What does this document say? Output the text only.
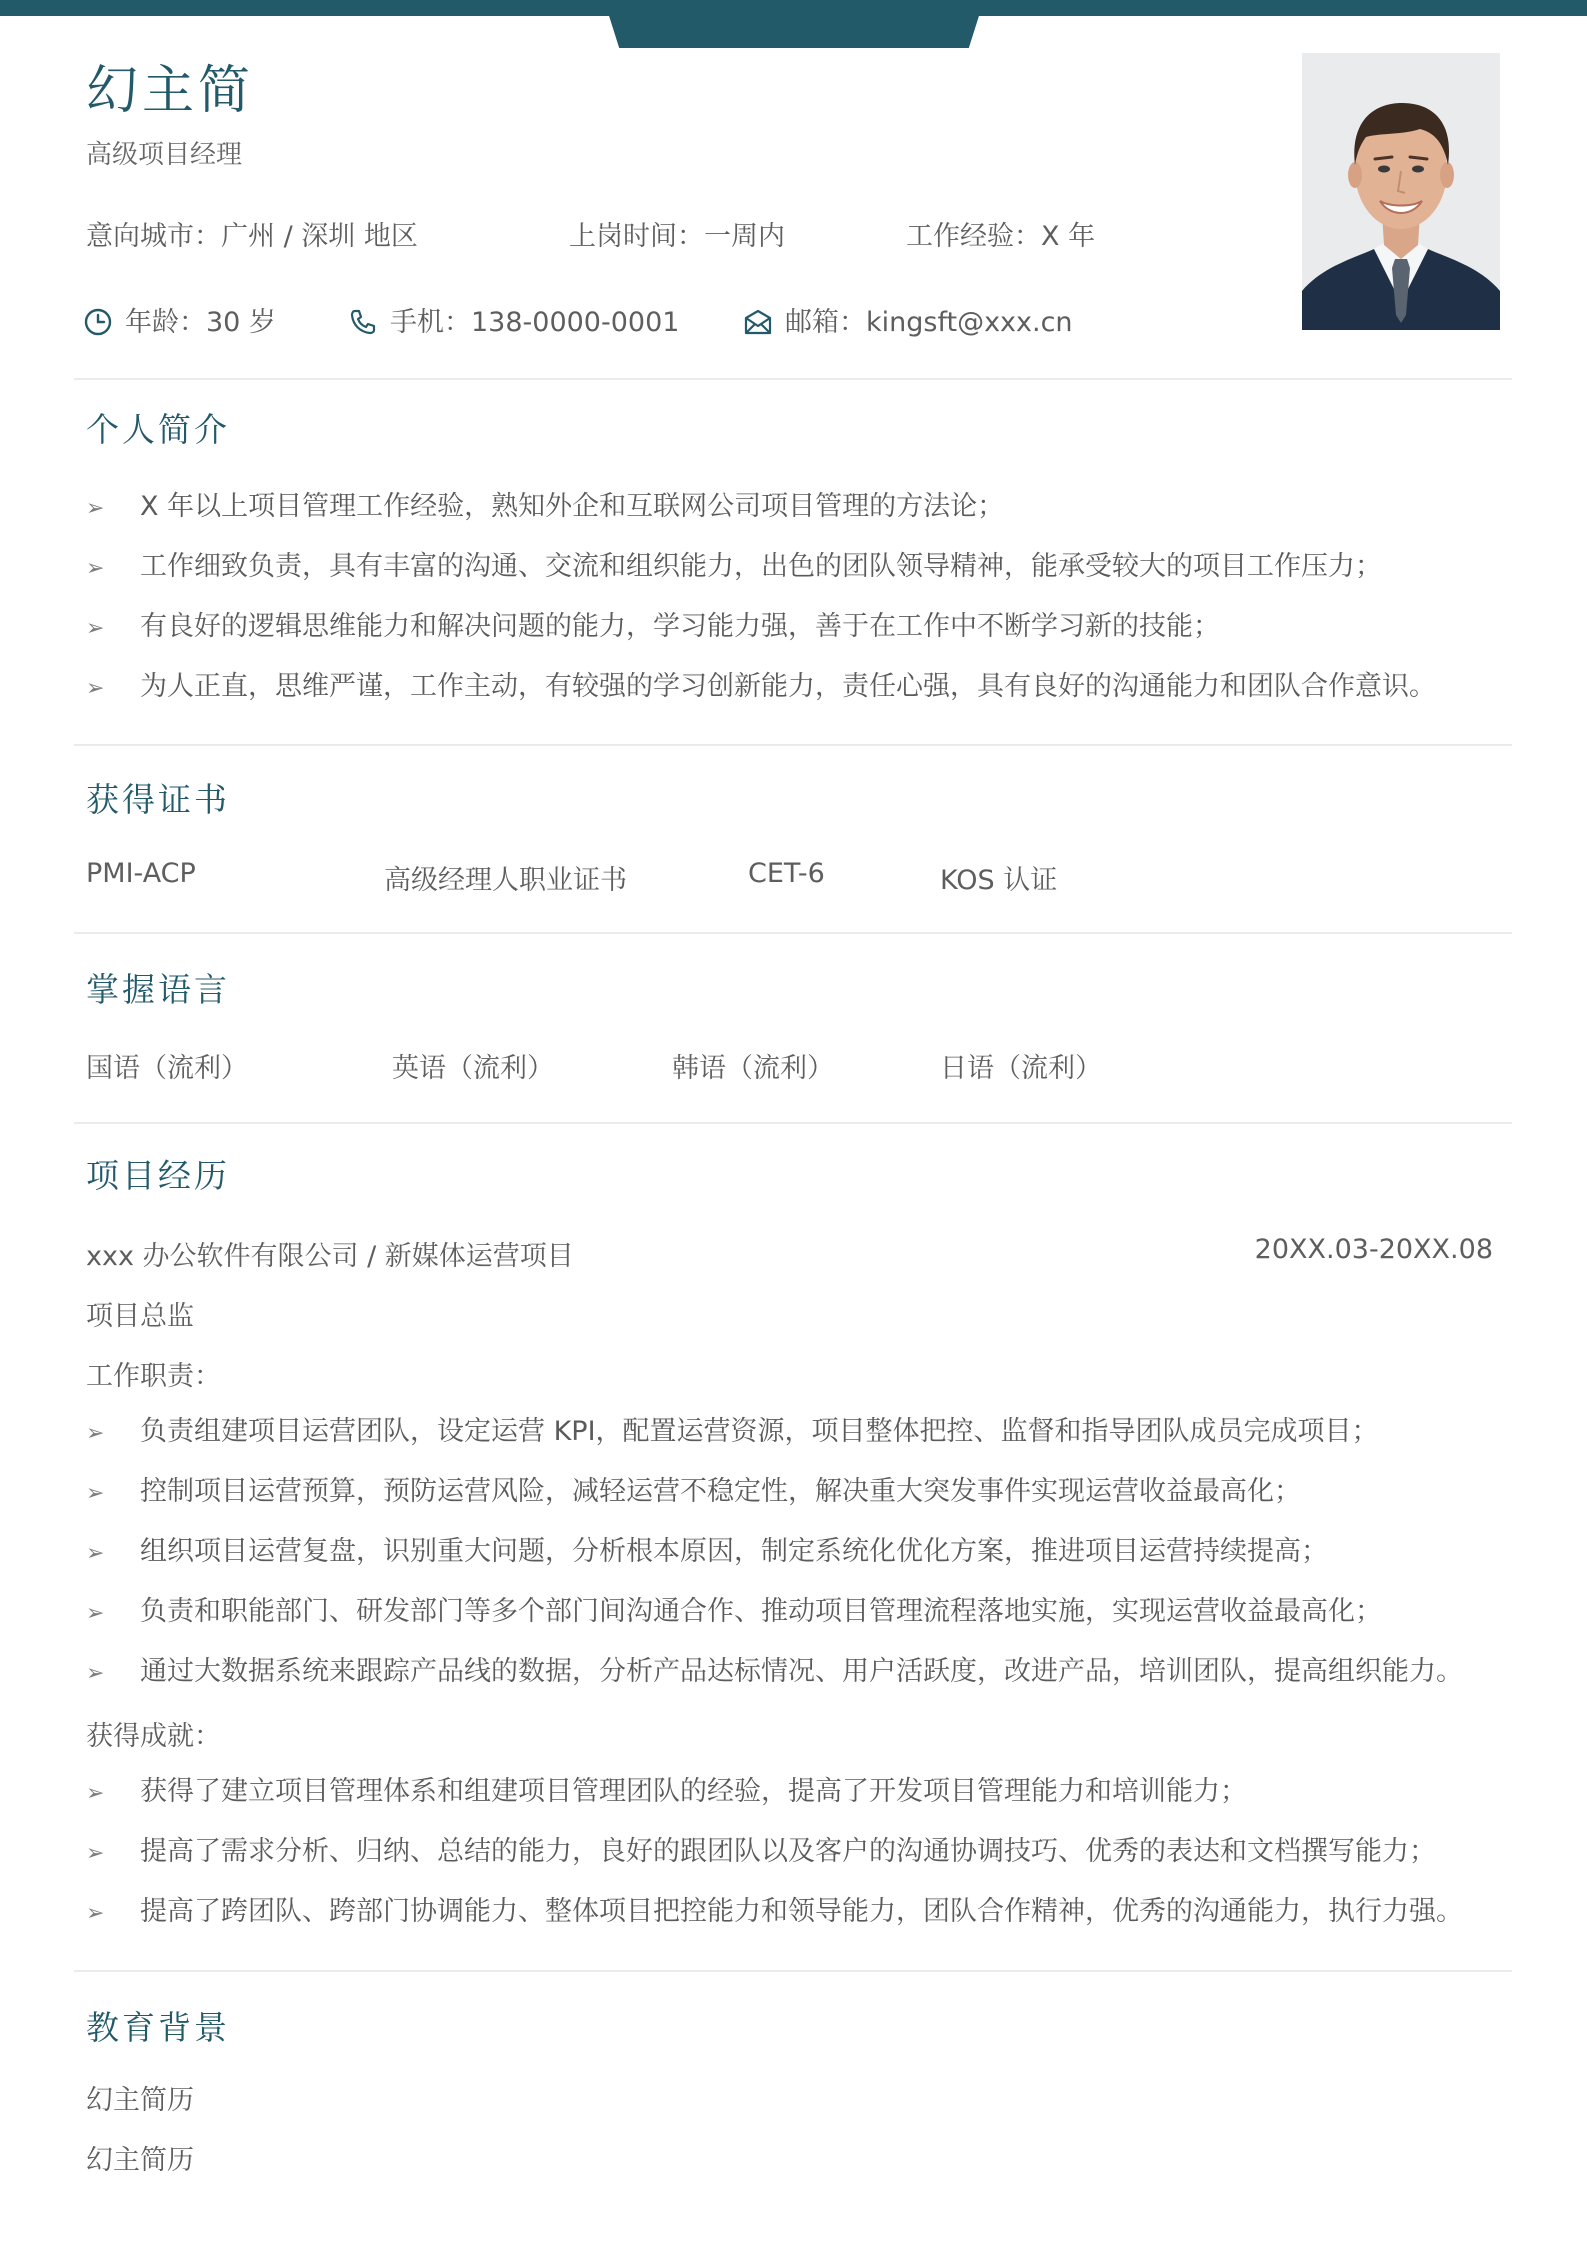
幻主简
高级项目经理
意向城市：广州 / 深圳 地区	上岗时间：一周内	工作经验：X 年
年龄：30 岁	手机：138-0000-0001	邮箱：kingsft@xxx.cn
个人简介
➢ X 年以上项目管理工作经验，熟知外企和互联网公司项目管理的方法论；
➢ 工作细致负责，具有丰富的沟通、交流和组织能力，出色的团队领导精神，能承受较大的项目工作压力；
➢ 有良好的逻辑思维能力和解决问题的能力，学习能力强，善于在工作中不断学习新的技能；
➢ 为人正直，思维严谨，工作主动，有较强的学习创新能力，责任心强，具有良好的沟通能力和团队合作意识。
获得证书
PMI-ACP	高级经理人职业证书	CET-6	KOS 认证
掌握语言
国语（流利）	英语（流利）	韩语（流利）	日语（流利）
项目经历
xxx 办公软件有限公司 / 新媒体运营项目	20XX.03-20XX.08
项目总监
工作职责：
➢ 负责组建项目运营团队，设定运营 KPI，配置运营资源，项目整体把控、监督和指导团队成员完成项目；
➢ 控制项目运营预算，预防运营风险，减轻运营不稳定性，解决重大突发事件实现运营收益最高化；
➢ 组织项目运营复盘，识别重大问题，分析根本原因，制定系统化优化方案，推进项目运营持续提高；
➢ 负责和职能部门、研发部门等多个部门间沟通合作、推动项目管理流程落地实施，实现运营收益最高化；
➢ 通过大数据系统来跟踪产品线的数据，分析产品达标情况、用户活跃度，改进产品，培训团队，提高组织能力。
获得成就：
➢ 获得了建立项目管理体系和组建项目管理团队的经验，提高了开发项目管理能力和培训能力；
➢ 提高了需求分析、归纳、总结的能力，良好的跟团队以及客户的沟通协调技巧、优秀的表达和文档撰写能力；
➢ 提高了跨团队、跨部门协调能力、整体项目把控能力和领导能力，团队合作精神，优秀的沟通能力，执行力强。
教育背景
幻主简历
幻主简历
